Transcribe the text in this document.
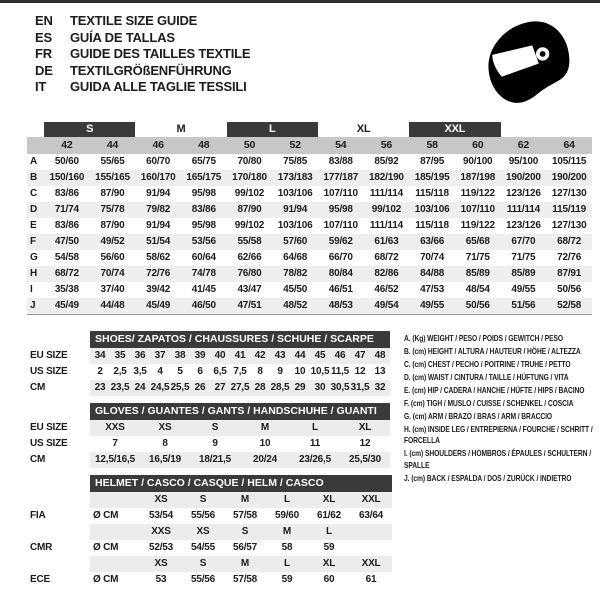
EN	TEXTILE SIZE GUIDE
ES	GUÍA DE TALLAS
FR	GUIDE DES TAILLES TEXTILE
DE	TEXTILGRÖßENFÜHRUNG
IT	GUIDA ALLE TAGLIE TESSILI
	S		M		L		XL		XXL			
	42	44	46	48	50	52	54	56	58	60	62	64
A	50/60	55/65	60/70	65/75	70/80	75/85	83/88	85/92	87/95	90/100	95/100	105/115
B	150/160	155/165	160/170	165/175	170/180	173/183	177/187	182/190	185/195	187/198	190/200	190/200
C	83/86	87/90	91/94	95/98	99/102	103/106	107/110	111/114	115/118	119/122	123/126	127/130
D	71/74	75/78	79/82	83/86	87/90	91/94	95/98	99/102	103/106	107/110	111/114	115/119
E	83/86	87/90	91/94	95/98	99/102	103/106	107/110	111/114	115/118	119/122	123/126	127/130
F	47/50	49/52	51/54	53/56	55/58	57/60	59/62	61/63	63/66	65/68	67/70	68/72
G	54/58	56/60	58/62	60/64	62/66	64/68	66/70	68/72	70/74	71/75	71/75	72/76
H	68/72	70/74	72/76	74/78	76/80	78/82	80/84	82/86	84/88	85/89	85/89	87/91
I	35/38	37/40	39/42	41/45	43/47	45/50	46/51	46/52	47/53	48/54	49/55	50/56
J	45/49	44/48	45/49	46/50	47/51	48/52	48/53	49/54	49/55	50/56	51/56	52/58
	SHOES/ ZAPATOS / CHAUSSURES / SCHUHE / SCARPE														
EU SIZE	34	35	36	37	38	39	40	41	42	43	44	45	46	47	48
US SIZE	2	2,5	3,5	4	5	6	6,5	7,5	8	9	10	10,5	11,5	12	13
CM	23	23,5	24	24,5	25,5	26	27	27,5	28	28,5	29	30	30,5	31,5	32
	GLOVES / GUANTES / GANTS / HANDSCHUHE / GUANTI					
EU SIZE	XXS	XS	S	M	L	XL
US SIZE	7	8	9	10	11	12
CM	12,5/16,5	16,5/19	18/21,5	20/24	23/26,5	25,5/30
	HELMET / CASCO / CASQUE / HELM / CASCO						
		XS	S	M	L	XL	XXL
FIA	Ø CM	53/54	55/56	57/58	59/60	61/62	63/64
		XXS	XS	S	M	L	
CMR	Ø CM	52/53	54/55	56/57	58	59	
		XS	S	M	L	XL	XXL
ECE	Ø CM	53	55/56	57/58	59	60	61
A. (Kg) WEIGHT / PESO / POIDS / GEWITCH / PESO
B. (cm) HEIGHT / ALTURA / HAUTEUR / HÖHE / ALTEZZA
C. (cm) CHEST / PECHO / POITRINE / TRUHE / PETTO
D. (cm) WAIST / CINTURA / TAILLE / HÜFTUNG / VITA
E. (cm) HIP / CADERA / HANCHE / HÜFTE / HIPS / BACINO
F. (cm) TIGH / MUSLO / CUISSE / SCHENKEL / COSCIA
G. (cm) ARM / BRAZO / BRAS / ARM / BRACCIO
H. (cm) INSIDE LEG / ENTREPIERNA / FOURCHE / SCHRITT / FORCELLA
I. (cm) SHOULDERS / HOMBROS / ÉPAULES / SCHULTERN / SPALLE
J. (cm) BACK / ESPALDA / DOS / ZURÜCK / INDIETRO
